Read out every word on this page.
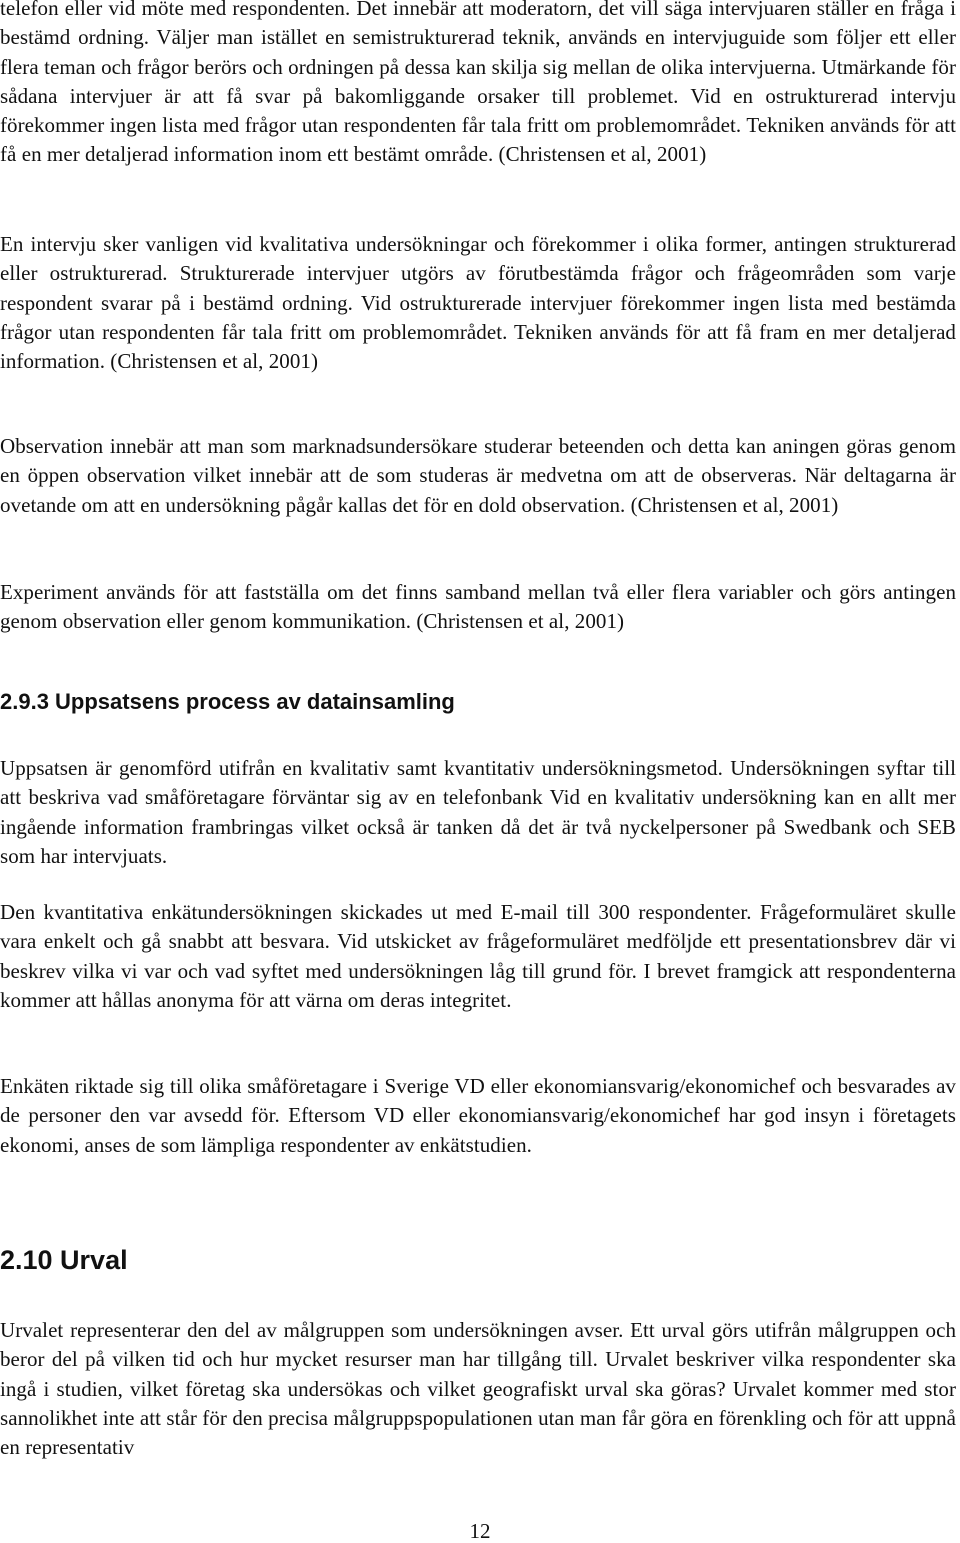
telefon eller vid möte med respondenten. Det innebär att moderatorn, det vill säga intervjuaren ställer en fråga i bestämd ordning. Väljer man istället en semistrukturerad teknik, används en intervjuguide som följer ett eller flera teman och frågor berörs och ordningen på dessa kan skilja sig mellan de olika intervjuerna. Utmärkande för sådana intervjuer är att få svar på bakomliggande orsaker till problemet. Vid en ostrukturerad intervju förekommer ingen lista med frågor utan respondenten får tala fritt om problemområdet. Tekniken används för att få en mer detaljerad information inom ett bestämt område. (Christensen et al, 2001)

En intervju sker vanligen vid kvalitativa undersökningar och förekommer i olika former, antingen strukturerad eller ostrukturerad. Strukturerade intervjuer utgörs av förutbestämda frågor och frågeområden som varje respondent svarar på i bestämd ordning. Vid ostrukturerade intervjuer förekommer ingen lista med bestämda frågor utan respondenten får tala fritt om problemområdet. Tekniken används för att få fram en mer detaljerad information. (Christensen et al, 2001)

Observation innebär att man som marknadsundersökare studerar beteenden och detta kan aningen göras genom en öppen observation vilket innebär att de som studeras är medvetna om att de observeras. När deltagarna är ovetande om att en undersökning pågår kallas det för en dold observation. (Christensen et al, 2001)

Experiment används för att fastställa om det finns samband mellan två eller flera variabler och görs antingen genom observation eller genom kommunikation. (Christensen et al, 2001)

2.9.3 Uppsatsens process av datainsamling

Uppsatsen är genomförd utifrån en kvalitativ samt kvantitativ undersökningsmetod. Undersökningen syftar till att beskriva vad småföretagare förväntar sig av en telefonbank Vid en kvalitativ undersökning kan en allt mer ingående information frambringas vilket också är tanken då det är två nyckelpersoner på Swedbank och SEB som har intervjuats.

Den kvantitativa enkätundersökningen skickades ut med E-mail till 300 respondenter. Frågeformuläret skulle vara enkelt och gå snabbt att besvara. Vid utskicket av frågeformuläret medföljde ett presentationsbrev där vi beskrev vilka vi var och vad syftet med undersökningen låg till grund för. I brevet framgick att respondenterna kommer att hållas anonyma för att värna om deras integritet.

Enkäten riktade sig till olika småföretagare i Sverige VD eller ekonomiansvarig/ekonomichef och besvarades av de personer den var avsedd för. Eftersom VD eller ekonomiansvarig/ekonomichef har god insyn i företagets ekonomi, anses de som lämpliga respondenter av enkätstudien.

2.10 Urval

Urvalet representerar den del av målgruppen som undersökningen avser. Ett urval görs utifrån målgruppen och beror del på vilken tid och hur mycket resurser man har tillgång till. Urvalet beskriver vilka respondenter ska ingå i studien, vilket företag ska undersökas och vilket geografiskt urval ska göras? Urvalet kommer med stor sannolikhet inte att står för den precisa målgruppspopulationen utan man får göra en förenkling och för att uppnå en representativ

12
